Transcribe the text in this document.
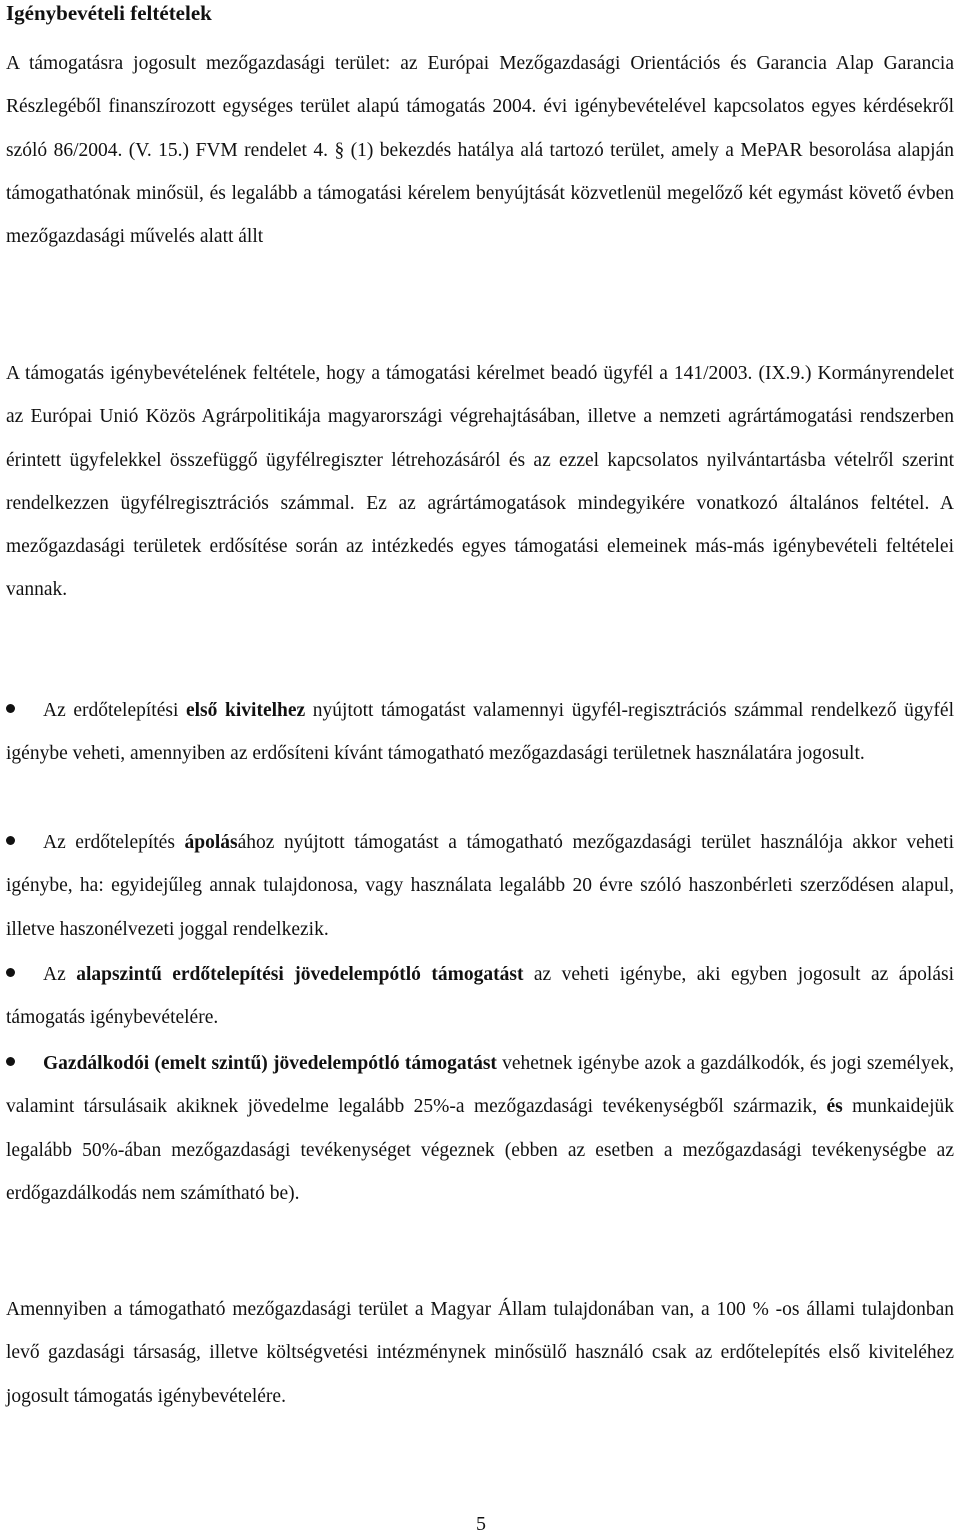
Igénybevételi feltételek

A támogatásra jogosult mezőgazdasági terület: az Európai Mezőgazdasági Orientációs és Garancia Alap Garancia Részlegéből finanszírozott egységes terület alapú támogatás 2004. évi igénybevételével kapcsolatos egyes kérdésekről szóló 86/2004. (V. 15.) FVM rendelet 4. § (1) bekezdés hatálya alá tartozó terület, amely a MePAR besorolása alapján támogathatónak minősül, és legalább a támogatási kérelem benyújtását közvetlenül megelőző két egymást követő évben mezőgazdasági művelés alatt állt

A támogatás igénybevételének feltétele, hogy a támogatási kérelmet beadó ügyfél a 141/2003. (IX.9.) Kormányrendelet az Európai Unió Közös Agrárpolitikája magyarországi végrehajtásában, illetve a nemzeti agrártámogatási rendszerben érintett ügyfelekkel összefüggő ügyfélregiszter létrehozásáról és az ezzel kapcsolatos nyilvántartásba vételről szerint rendelkezzen ügyfélregisztrációs számmal. Ez az agrártámogatások mindegyikére vonatkozó általános feltétel. A mezőgazdasági területek erdősítése során az intézkedés egyes támogatási elemeinek más-más igénybevételi feltételei vannak.

Az erdőtelepítési első kivitelhez nyújtott támogatást valamennyi ügyfél-regisztrációs számmal rendelkező ügyfél igénybe veheti, amennyiben az erdősíteni kívánt támogatható mezőgazdasági területnek használatára jogosult.

Az erdőtelepítés ápolásához nyújtott támogatást a támogatható mezőgazdasági terület használója akkor veheti igénybe, ha: egyidejűleg annak tulajdonosa, vagy használata legalább 20 évre szóló haszonbérleti szerződésen alapul, illetve haszonélvezeti joggal rendelkezik.

Az alapszintű erdőtelepítési jövedelempótló támogatást az veheti igénybe, aki egyben jogosult az ápolási támogatás igénybevételére.

Gazdálkodói (emelt szintű) jövedelempótló támogatást vehetnek igénybe azok a gazdálkodók, és jogi személyek, valamint társulásaik akiknek jövedelme legalább 25%-a mezőgazdasági tevékenységből származik, és munkaidejük legalább 50%-ában mezőgazdasági tevékenységet végeznek (ebben az esetben a mezőgazdasági tevékenységbe az erdőgazdálkodás nem számítható be).

Amennyiben a támogatható mezőgazdasági terület a Magyar Állam tulajdonában van, a 100 % -os állami tulajdonban levő gazdasági társaság, illetve költségvetési intézménynek minősülő használó csak az erdőtelepítés első kiviteléhez jogosult támogatás igénybevételére.

5
